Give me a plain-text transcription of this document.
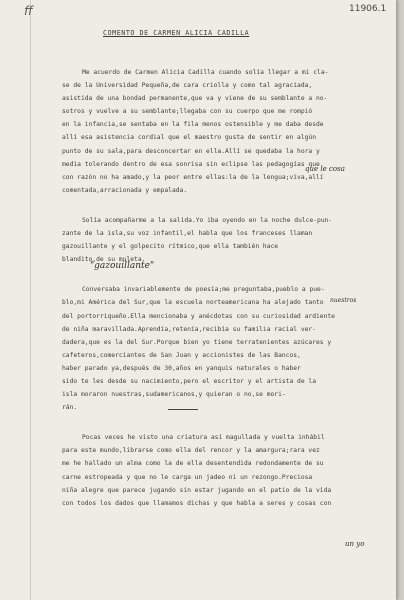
ff	11906.1
COMENTO DE CARMEN ALICIA CADILLA
Me acuerdo de Carmen Alicia Cadilla cuando solía llegar a mi cla-
se de la Universidad Pequeña,de cara criolla y como tal agraciada,
asistida de una bondad permanente,que va y viene de su semblante a no-
sotros y vuelve a su semblante;llegaba con su cuerpo que me rompió
en la infancia,se sentaba en la fila menos ostensible y me daba desde
allí esa asistencia cordial que el maestro gusta de sentir en algún
punto de su sala,para desconcertar en ella.Allí se quedaba la hora y
media tolerando dentro de esa sonrisa sin eclipse las pedagogías que
con razón no ha amado,y la peor entre ellas:la de la lengua;viva,allí
comentada,arracionada y empalada.
Solía acompañarme a la salida.Yo iba oyendo en la noche dulce-pun-
zante de la isla,su voz infantil,el habla que los franceses llaman
gazouillante y el golpecito rítmico,que ella también hace
blandito,de su muleta.
Conversaba invariablemente de poesía;me preguntaba,pueblo a pue-
blo,mi América del Sur,que la escuela norteamericana ha alejado tanto
del portorriqueño.Ella mencionaba y anécdotas con su curiosidad ardiente
de niña maravillada.Aprendía,retenía,recibía su familia racial ver-
dadera,que es la del Sur.Porque bien yo tiene terratenientes azúcares y
cafeteros,comerciantes de San Juan y accionistes de las Bancos,
haber parado ya,después de 30,años en yanquis naturales o haber
sido te les desde su nacimiento,pero el escritor y el artista de la
isla moraron nuestras,sudamericanos,y quieran o no,se mori-
rán.
Pocas veces he visto una criatura así magullada y vuelta inhábil
para este mundo,librarse como ella del rencor y la amargura;rara vez
me he hallado un alma como la de ella desentendida redondamente de su
carne estropeada y que no le carga un jadeo ni un rezongo.Preciosa
niña alegre que parece jugando sin estar jugando en el patio de la vida
con todos los dados que llamamos dichas y que habla a seres y cosas con
que le cosa
"gazouillante"
nuestros
un yo
